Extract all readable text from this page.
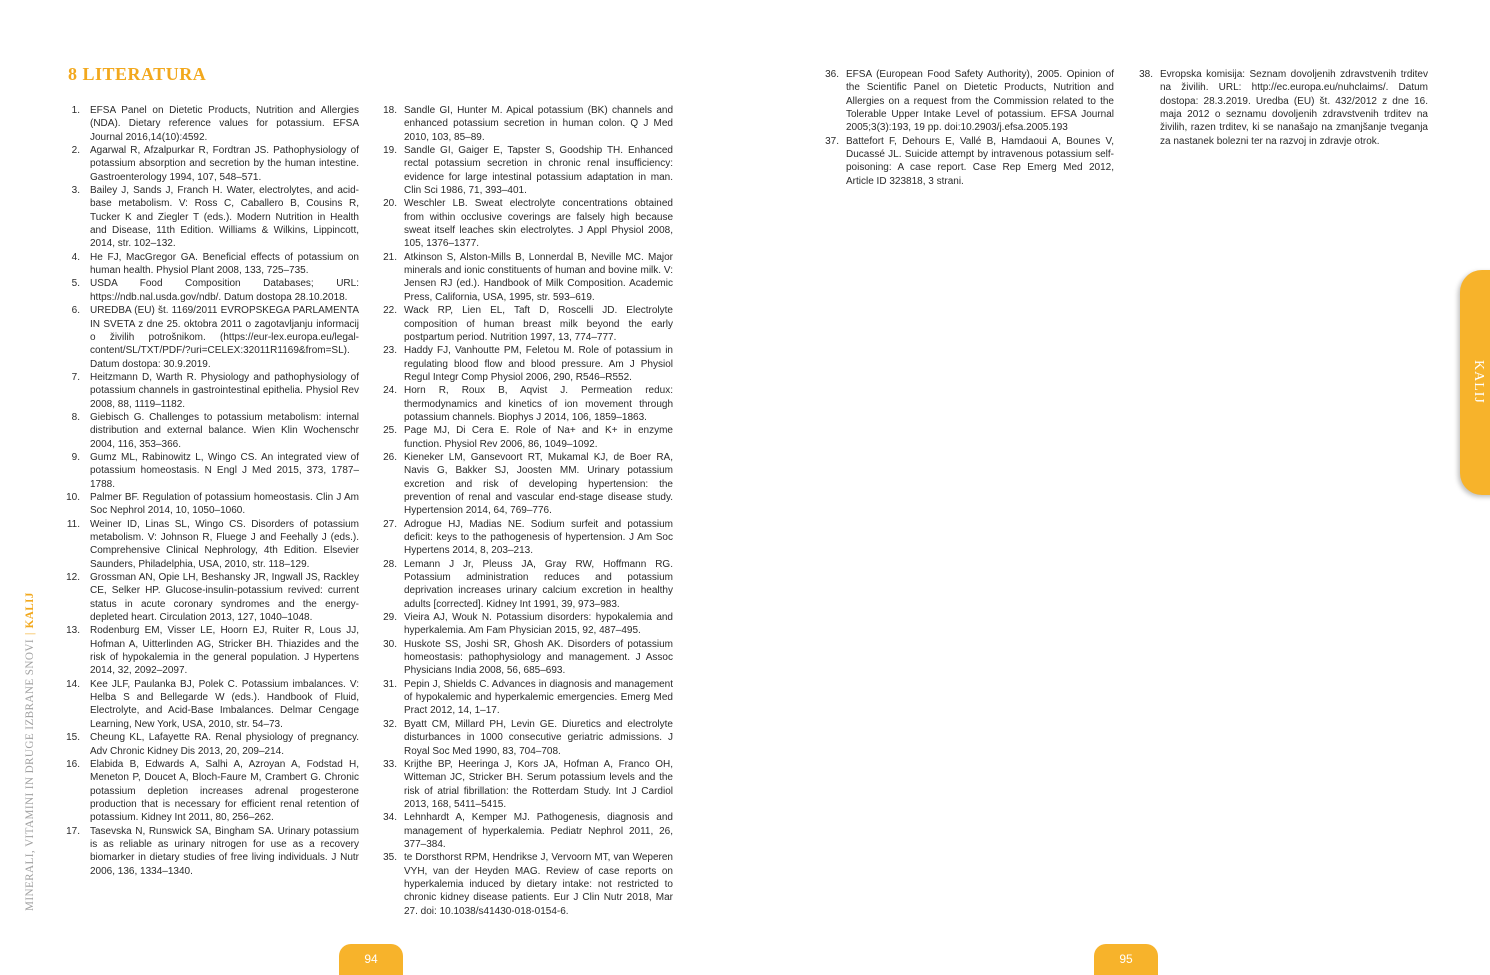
8 LITERATURA
1. EFSA Panel on Dietetic Products, Nutrition and Allergies (NDA). Dietary reference values for potassium. EFSA Journal 2016,14(10):4592.
2. Agarwal R, Afzalpurkar R, Fordtran JS. Pathophysiology of potassium absorption and secretion by the human intestine. Gastroenterology 1994, 107, 548–571.
3. Bailey J, Sands J, Franch H. Water, electrolytes, and acid-base metabolism. V: Ross C, Caballero B, Cousins R, Tucker K and Ziegler T (eds.). Modern Nutrition in Health and Disease, 11th Edition. Williams & Wilkins, Lippincott, 2014, str. 102–132.
4. He FJ, MacGregor GA. Beneficial effects of potassium on human health. Physiol Plant 2008, 133, 725–735.
5. USDA Food Composition Databases; URL: https://ndb.nal.usda.gov/ndb/. Datum dostopa 28.10.2018.
6. UREDBA (EU) št. 1169/2011 EVROPSKEGA PARLAMENTA IN SVETA z dne 25. oktobra 2011 o zagotavljanju informacij o živilih potrošnikom. (https://eur-lex.europa.eu/legal-content/SL/TXT/PDF/?uri=CELEX:32011R1169&from=SL). Datum dostopa: 30.9.2019.
7. Heitzmann D, Warth R. Physiology and pathophysiology of potassium channels in gastrointestinal epithelia. Physiol Rev 2008, 88, 1119–1182.
8. Giebisch G. Challenges to potassium metabolism: internal distribution and external balance. Wien Klin Wochenschr 2004, 116, 353–366.
9. Gumz ML, Rabinowitz L, Wingo CS. An integrated view of potassium homeostasis. N Engl J Med 2015, 373, 1787–1788.
10. Palmer BF. Regulation of potassium homeostasis. Clin J Am Soc Nephrol 2014, 10, 1050–1060.
11. Weiner ID, Linas SL, Wingo CS. Disorders of potassium metabolism. V: Johnson R, Fluege J and Feehally J (eds.). Comprehensive Clinical Nephrology, 4th Edition. Elsevier Saunders, Philadelphia, USA, 2010, str. 118–129.
12. Grossman AN, Opie LH, Beshansky JR, Ingwall JS, Rackley CE, Selker HP. Glucose-insulin-potassium revived: current status in acute coronary syndromes and the energy-depleted heart. Circulation 2013, 127, 1040–1048.
13. Rodenburg EM, Visser LE, Hoorn EJ, Ruiter R, Lous JJ, Hofman A, Uitterlinden AG, Stricker BH. Thiazides and the risk of hypokalemia in the general population. J Hypertens 2014, 32, 2092–2097.
14. Kee JLF, Paulanka BJ, Polek C. Potassium imbalances. V: Helba S and Bellegarde W (eds.). Handbook of Fluid, Electrolyte, and Acid-Base Imbalances. Delmar Cengage Learning, New York, USA, 2010, str. 54–73.
15. Cheung KL, Lafayette RA. Renal physiology of pregnancy. Adv Chronic Kidney Dis 2013, 20, 209–214.
16. Elabida B, Edwards A, Salhi A, Azroyan A, Fodstad H, Meneton P, Doucet A, Bloch-Faure M, Crambert G. Chronic potassium depletion increases adrenal progesterone production that is necessary for efficient renal retention of potassium. Kidney Int 2011, 80, 256–262.
17. Tasevska N, Runswick SA, Bingham SA. Urinary potassium is as reliable as urinary nitrogen for use as a recovery biomarker in dietary studies of free living individuals. J Nutr 2006, 136, 1334–1340.
18. Sandle GI, Hunter M. Apical potassium (BK) channels and enhanced potassium secretion in human colon. Q J Med 2010, 103, 85–89.
19. Sandle GI, Gaiger E, Tapster S, Goodship TH. Enhanced rectal potassium secretion in chronic renal insufficiency: evidence for large intestinal potassium adaptation in man. Clin Sci 1986, 71, 393–401.
20. Weschler LB. Sweat electrolyte concentrations obtained from within occlusive coverings are falsely high because sweat itself leaches skin electrolytes. J Appl Physiol 2008, 105, 1376–1377.
21. Atkinson S, Alston-Mills B, Lonnerdal B, Neville MC. Major minerals and ionic constituents of human and bovine milk. V: Jensen RJ (ed.). Handbook of Milk Composition. Academic Press, California, USA, 1995, str. 593–619.
22. Wack RP, Lien EL, Taft D, Roscelli JD. Electrolyte composition of human breast milk beyond the early postpartum period. Nutrition 1997, 13, 774–777.
23. Haddy FJ, Vanhoutte PM, Feletou M. Role of potassium in regulating blood flow and blood pressure. Am J Physiol Regul Integr Comp Physiol 2006, 290, R546–R552.
24. Horn R, Roux B, Aqvist J. Permeation redux: thermodynamics and kinetics of ion movement through potassium channels. Biophys J 2014, 106, 1859–1863.
25. Page MJ, Di Cera E. Role of Na+ and K+ in enzyme function. Physiol Rev 2006, 86, 1049–1092.
26. Kieneker LM, Gansevoort RT, Mukamal KJ, de Boer RA, Navis G, Bakker SJ, Joosten MM. Urinary potassium excretion and risk of developing hypertension: the prevention of renal and vascular end-stage disease study. Hypertension 2014, 64, 769–776.
27. Adrogue HJ, Madias NE. Sodium surfeit and potassium deficit: keys to the pathogenesis of hypertension. J Am Soc Hypertens 2014, 8, 203–213.
28. Lemann J Jr, Pleuss JA, Gray RW, Hoffmann RG. Potassium administration reduces and potassium deprivation increases urinary calcium excretion in healthy adults [corrected]. Kidney Int 1991, 39, 973–983.
29. Vieira AJ, Wouk N. Potassium disorders: hypokalemia and hyperkalemia. Am Fam Physician 2015, 92, 487–495.
30. Huskote SS, Joshi SR, Ghosh AK. Disorders of potassium homeostasis: pathophysiology and management. J Assoc Physicians India 2008, 56, 685–693.
31. Pepin J, Shields C. Advances in diagnosis and management of hypokalemic and hyperkalemic emergencies. Emerg Med Pract 2012, 14, 1–17.
32. Byatt CM, Millard PH, Levin GE. Diuretics and electrolyte disturbances in 1000 consecutive geriatric admissions. J Royal Soc Med 1990, 83, 704–708.
33. Krijthe BP, Heeringa J, Kors JA, Hofman A, Franco OH, Witteman JC, Stricker BH. Serum potassium levels and the risk of atrial fibrillation: the Rotterdam Study. Int J Cardiol 2013, 168, 5411–5415.
34. Lehnhardt A, Kemper MJ. Pathogenesis, diagnosis and management of hyperkalemia. Pediatr Nephrol 2011, 26, 377–384.
35. te Dorsthorst RPM, Hendrikse J, Vervoorn MT, van Weperen VYH, van der Heyden MAG. Review of case reports on hyperkalemia induced by dietary intake: not restricted to chronic kidney disease patients. Eur J Clin Nutr 2018, Mar 27. doi: 10.1038/s41430-018-0154-6.
36. EFSA (European Food Safety Authority), 2005. Opinion of the Scientific Panel on Dietetic Products, Nutrition and Allergies on a request from the Commission related to the Tolerable Upper Intake Level of potassium. EFSA Journal 2005;3(3):193, 19 pp. doi:10.2903/j.efsa.2005.193
37. Battefort F, Dehours E, Vallé B, Hamdaoui A, Bounes V, Ducassé JL. Suicide attempt by intravenous potassium self-poisoning: A case report. Case Rep Emerg Med 2012, Article ID 323818, 3 strani.
38. Evropska komisija: Seznam dovoljenih zdravstvenih trditev na živilih. URL: http://ec.europa.eu/nuhclaims/. Datum dostopa: 28.3.2019. Uredba (EU) št. 432/2012 z dne 16. maja 2012 o seznamu dovoljenih zdravstvenih trditev na živilih, razen trditev, ki se nanašajo na zmanjšanje tveganja za nastanek bolezni ter na razvoj in zdravje otrok.
MINERALI, VITAMINI IN DRUGE IZBRANE SNOVI|KALIJ
KALIJ
94	95
